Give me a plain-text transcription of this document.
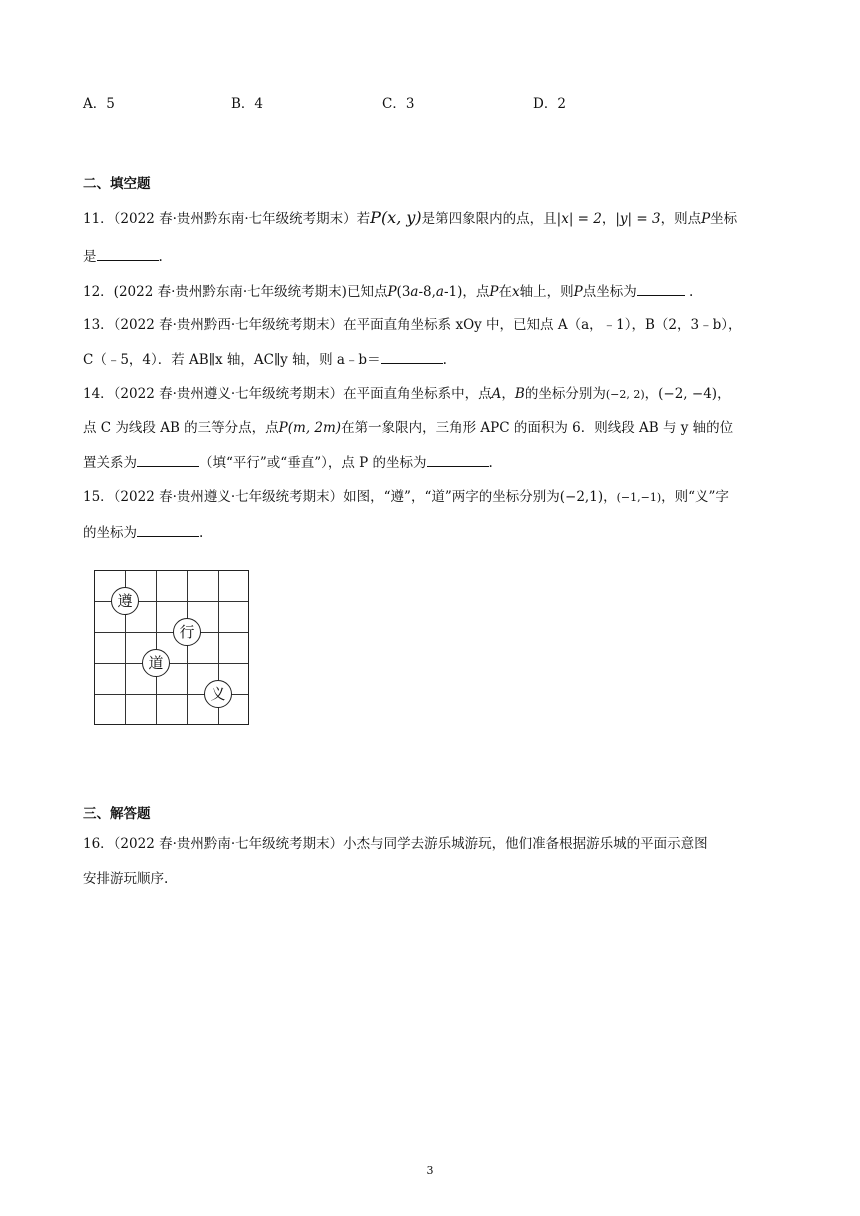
A．5	B．4	C．3	D．2
二、填空题
11．（2022 春·贵州黔东南·七年级统考期末）若P(x, y)是第四象限内的点，且|x| = 2，|y| = 3，则点P坐标
是	.
12．(2022 春·贵州黔东南·七年级统考期末)已知点P(3a-8,a-1)，点P在x轴上，则P点坐标为	.
13．（2022 春·贵州黔西·七年级统考期末）在平面直角坐标系 xOy 中，已知点 A（a，﹣1），B（2，3﹣b），
C（﹣5，4）．若 AB∥x 轴，AC∥y 轴，则 a﹣b＝	.
14．（2022 春·贵州遵义·七年级统考期末）在平面直角坐标系中，点A，B的坐标分别为(−2, 2)，(−2, −4)，
点 C 为线段 AB 的三等分点，点P(m, 2m)在第一象限内，三角形 APC 的面积为 6．则线段 AB 与 y 轴的位
置关系为	（填“平行”或“垂直”），点 P 的坐标为	.
15．（2022 春·贵州遵义·七年级统考期末）如图，“遵”，“道”两字的坐标分别为(−2,1)，(−1,−1)，则“义”字
的坐标为	.
遵
行
道
义
三、解答题
16．（2022 春·贵州黔南·七年级统考期末）小杰与同学去游乐城游玩，他们准备根据游乐城的平面示意图
安排游玩顺序.
3
